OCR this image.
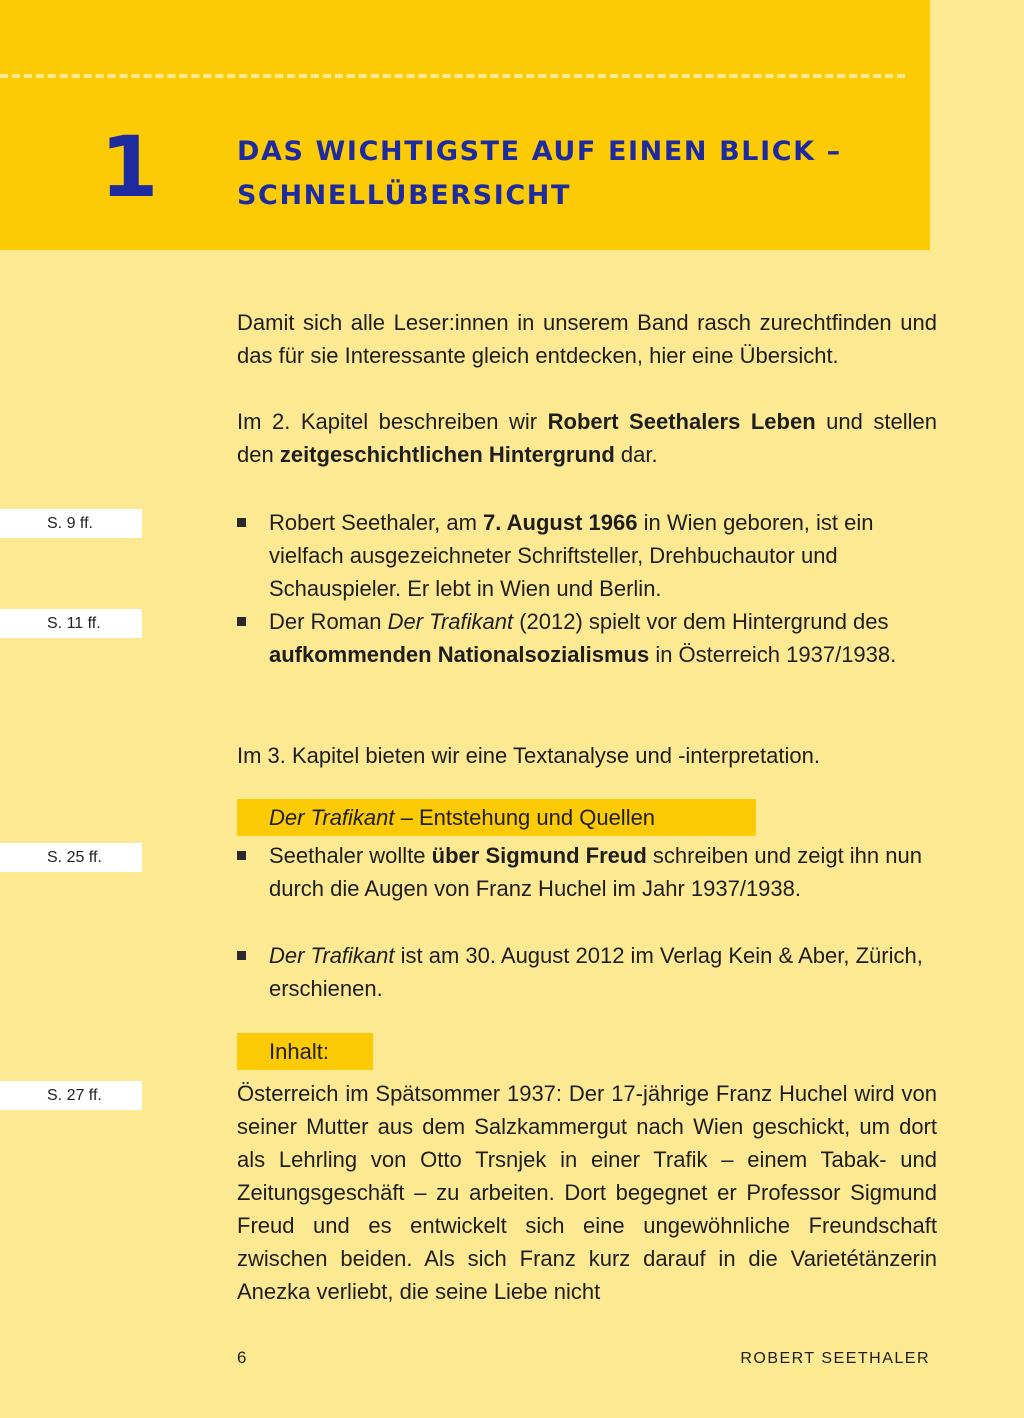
1	DAS WICHTIGSTE AUF EINEN BLICK –
SCHNELLÜBERSICHT

Damit sich alle Leser:innen in unserem Band rasch zurechtfinden und das für sie Interessante gleich entdecken, hier eine Übersicht.

Im 2. Kapitel beschreiben wir Robert Seethalers Leben und stellen den zeitgeschichtlichen Hintergrund dar.

S. 9 ff.	Robert Seethaler, am 7. August 1966 in Wien geboren, ist ein vielfach ausgezeichneter Schriftsteller, Drehbuchautor und Schauspieler. Er lebt in Wien und Berlin.
S. 11 ff.	Der Roman Der Trafikant (2012) spielt vor dem Hintergrund des aufkommenden Nationalsozialismus in Österreich 1937/1938.

Im 3. Kapitel bieten wir eine Textanalyse und -interpretation.

Der Trafikant – Entstehung und Quellen
S. 25 ff.	Seethaler wollte über Sigmund Freud schreiben und zeigt ihn nun durch die Augen von Franz Huchel im Jahr 1937/1938.
Der Trafikant ist am 30. August 2012 im Verlag Kein & Aber, Zürich, erschienen.
Inhalt:
S. 27 ff.	Österreich im Spätsommer 1937: Der 17-jährige Franz Huchel wird von seiner Mutter aus dem Salzkammergut nach Wien geschickt, um dort als Lehrling von Otto Trsnjek in einer Trafik – einem Tabak- und Zeitungsgeschäft – zu arbeiten. Dort begegnet er Professor Sigmund Freud und es entwickelt sich eine ungewöhnliche Freundschaft zwischen beiden. Als sich Franz kurz darauf in die Varietétänzerin Anezka verliebt, die seine Liebe nicht

6	ROBERT SEETHALER
